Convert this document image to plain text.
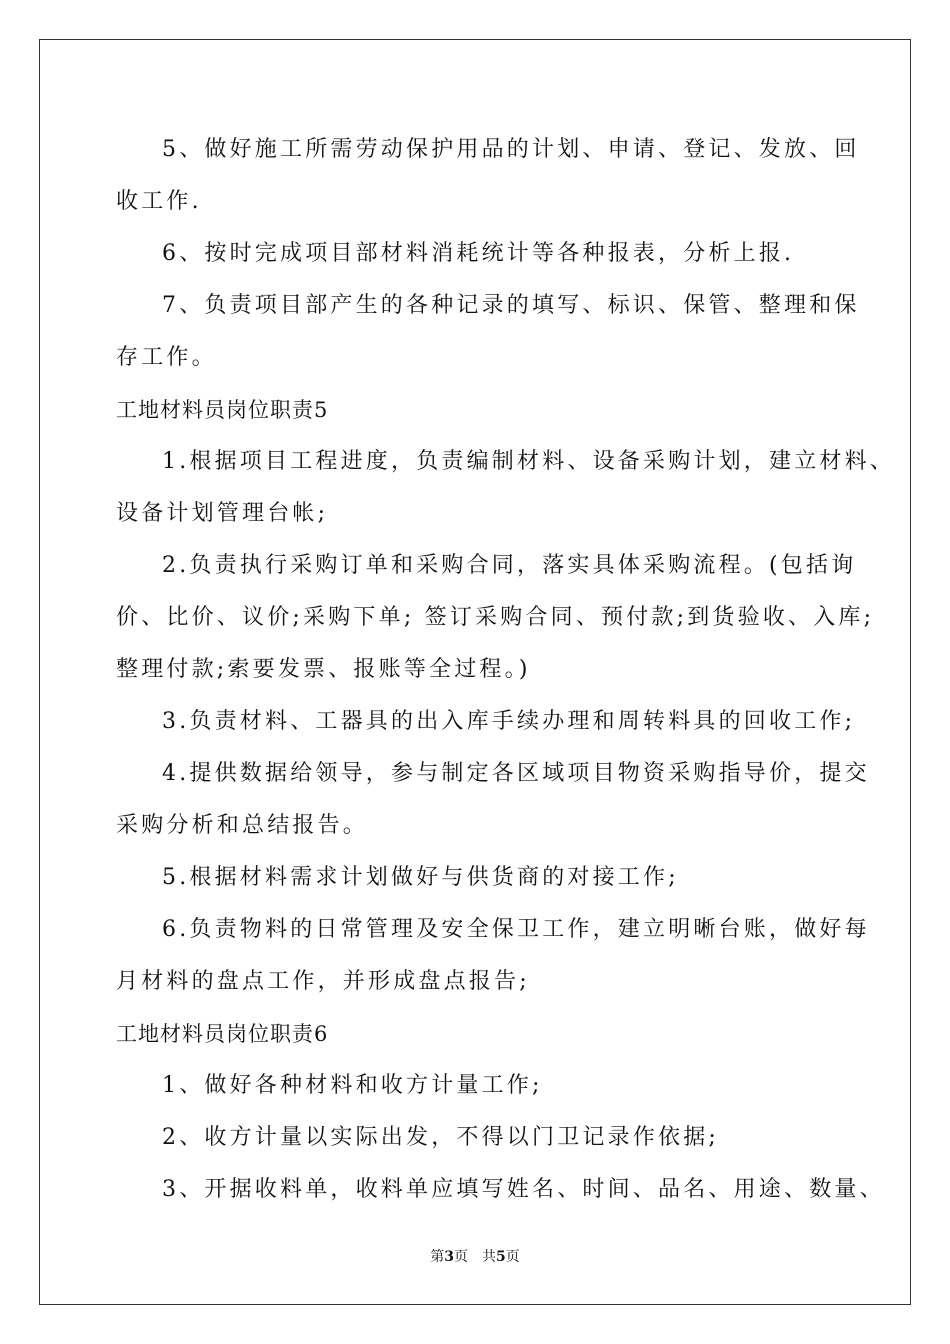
5、做好施工所需劳动保护用品的计划、申请、登记、发放、回
收工作.
6、按时完成项目部材料消耗统计等各种报表，分析上报.
7、负责项目部产生的各种记录的填写、标识、保管、整理和保
存工作。
工地材料员岗位职责5
1.根据项目工程进度，负责编制材料、设备采购计划，建立材料、
设备计划管理台帐;
2.负责执行采购订单和采购合同，落实具体采购流程。(包括询
价、比价、议价;采购下单; 签订采购合同、预付款;到货验收、入库;
整理付款;索要发票、报账等全过程。)
3.负责材料、工器具的出入库手续办理和周转料具的回收工作;
4.提供数据给领导，参与制定各区域项目物资采购指导价，提交
采购分析和总结报告。
5.根据材料需求计划做好与供货商的对接工作;
6.负责物料的日常管理及安全保卫工作，建立明晰台账，做好每
月材料的盘点工作，并形成盘点报告;
工地材料员岗位职责6
1、做好各种材料和收方计量工作;
2、收方计量以实际出发，不得以门卫记录作依据;
3、开据收料单，收料单应填写姓名、时间、品名、用途、数量、
第3页 共5页
